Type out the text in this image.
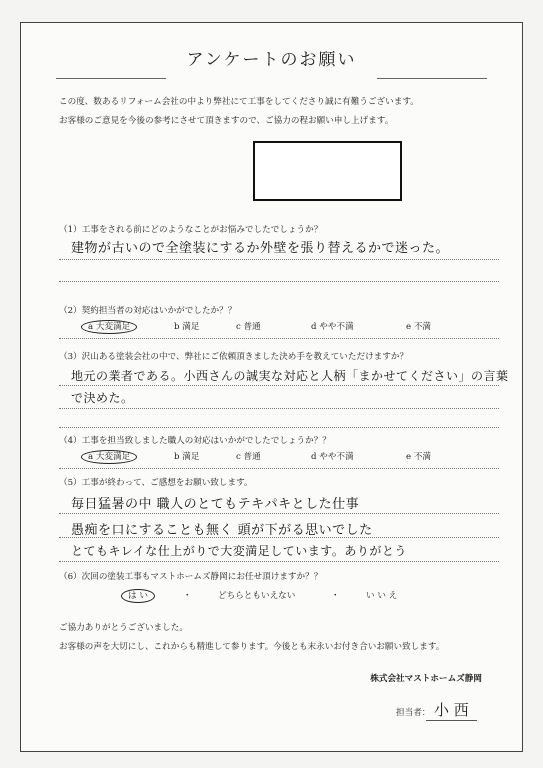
アンケートのお願い
この度、数あるリフォーム会社の中より弊社にて工事をしてくださり誠に有難うございます。
お客様のご意見を今後の参考にさせて頂きますので、ご協力の程お願い申し上げます。
（1）工事をされる前にどのようなことがお悩みでしたでしょうか？
建物が古いので全塗装にするか外壁を張り替えるかで迷った。
（2）契約担当者の対応はいかがでしたか？？
a 大変満足	b 満足	c 普通	d やや不満	e 不満
（3）沢山ある塗装会社の中で、弊社にご依頼頂きました決め手を教えていただけますか？
地元の業者である。小西さんの誠実な対応と人柄「まかせてください」の言葉
で決めた。
（4）工事を担当致しました職人の対応はいかがでしたでしょうか？？
a 大変満足	b 満足	c 普通	d やや不満	e 不満
（5）工事が終わって、ご感想をお願い致します。
毎日猛暑の中 職人のとてもテキパキとした仕事
愚痴を口にすることも無く 頭が下がる思いでした
とてもキレイな仕上がりで大変満足しています。ありがとう
（6）次回の塗装工事もマストホームズ静岡にお任せ頂けますか？？
は い	・	どちらともいえない	・	い い え
ご協力ありがとうございました。
お客様の声を大切にし、これからも精進して参ります。今後とも末永いお付き合いお願い致します。
株式会社マストホームズ静岡
担当者： 小 西
